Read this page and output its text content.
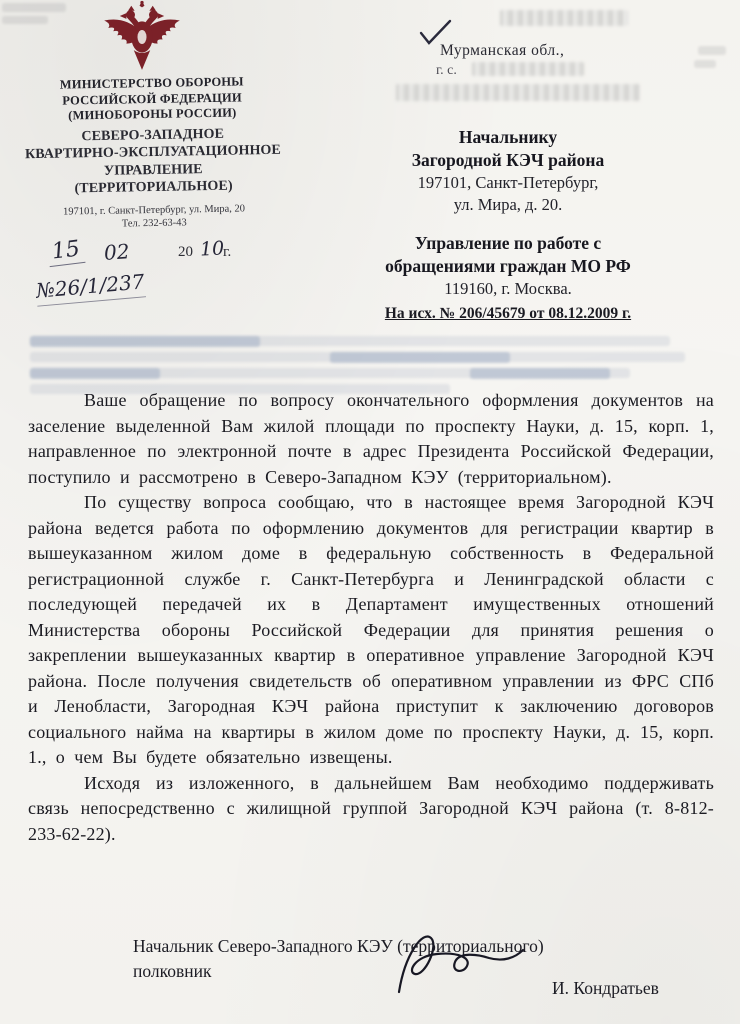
МИНИСТЕРСТВО ОБОРОНЫ
РОССИЙСКОЙ ФЕДЕРАЦИИ
(МИНОБОРОНЫ РОССИИ)
СЕВЕРО-ЗАПАДНОЕ
КВАРТИРНО-ЭКСПЛУАТАЦИОННОЕ
УПРАВЛЕНИЕ
(ТЕРРИТОРИАЛЬНОЕ)
197101, г. Санкт-Петербург, ул. Мира, 20
Тел. 232-63-43
15 02	20 10
г.
№26/1/237
Мурманская обл.,
г. с.
Начальнику
Загородной КЭЧ района
197101, Санкт-Петербург,
ул. Мира, д. 20.
Управление по работе с
обращениями граждан МО РФ
119160, г. Москва.
На исх. № 206/45679 от 08.12.2009 г.

Ваше обращение по вопросу окончательного оформления документов на заселение выделенной Вам жилой площади по проспекту Науки, д. 15, корп. 1, направленное по электронной почте в адрес Президента Российской Федерации, поступило и рассмотрено в Северо-Западном КЭУ (территориальном).

По существу вопроса сообщаю, что в настоящее время Загородной КЭЧ района ведется работа по оформлению документов для регистрации квартир в вышеуказанном жилом доме в федеральную собственность в Федеральной регистрационной службе г. Санкт-Петербурга и Ленинградской области с последующей передачей их в Департамент имущественных отношений Министерства обороны Российской Федерации для принятия решения о закреплении вышеуказанных квартир в оперативное управление Загородной КЭЧ района. После получения свидетельств об оперативном управлении из ФРС СПб и Ленобласти, Загородная КЭЧ района приступит к заключению договоров социального найма на квартиры в жилом доме по проспекту Науки, д. 15, корп. 1., о чем Вы будете обязательно извещены.

Исходя из изложенного, в дальнейшем Вам необходимо поддерживать связь непосредственно с жилищной группой Загородной КЭЧ района (т. 8-812-233-62-22).

Начальник Северо-Западного КЭУ (территориального)
полковник
И. Кондратьев
